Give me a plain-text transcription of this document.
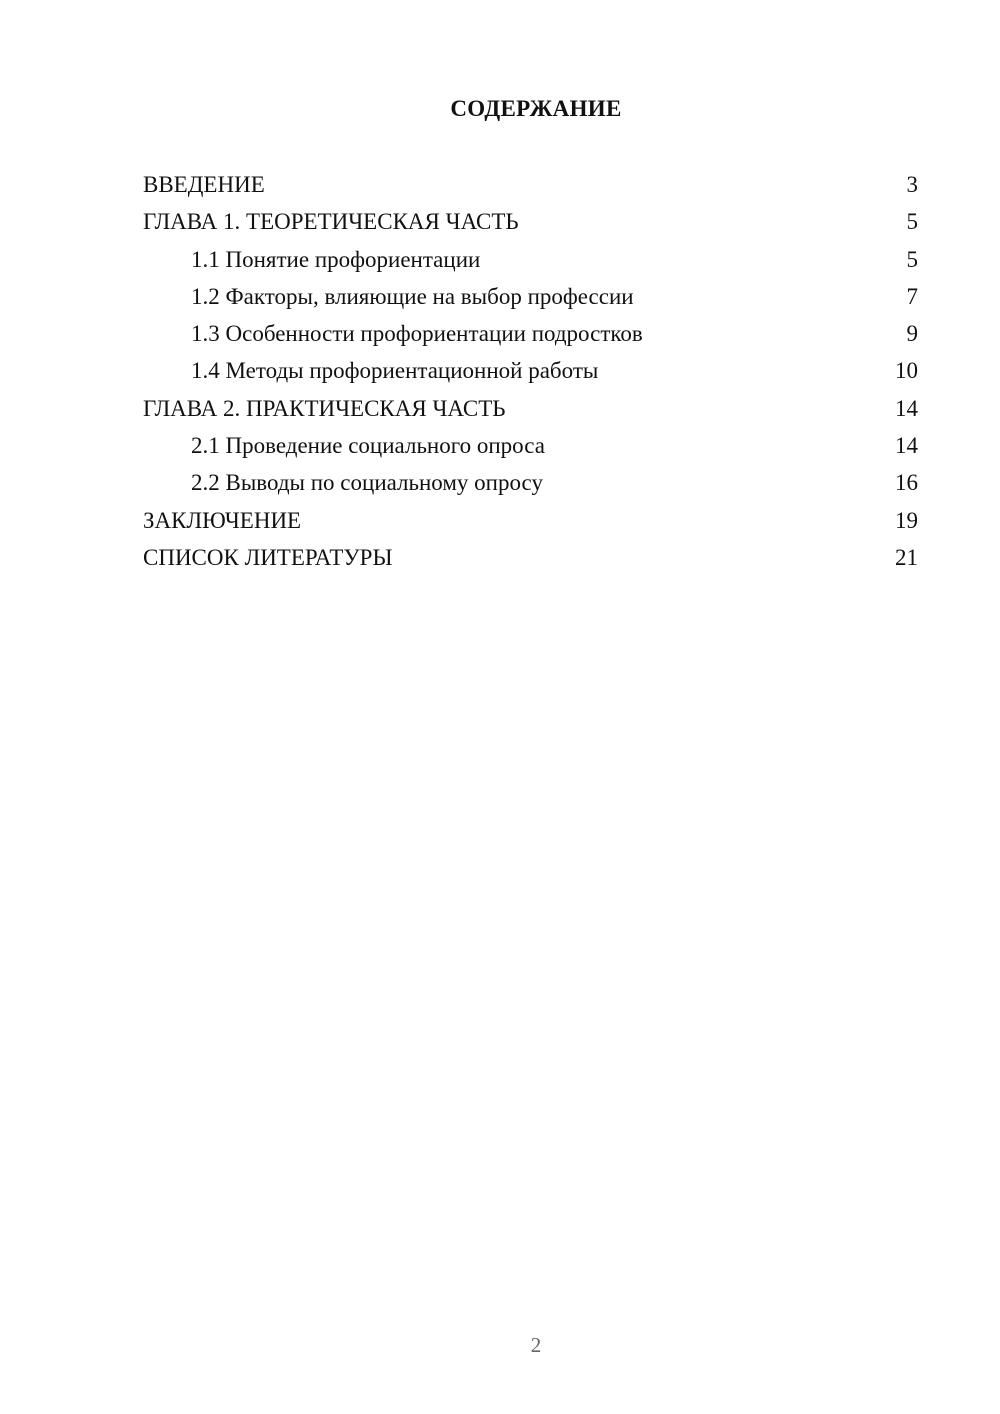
СОДЕРЖАНИЕ
ВВЕДЕНИЕ	3
ГЛАВА 1. ТЕОРЕТИЧЕСКАЯ ЧАСТЬ	5
1.1 Понятие профориентации	5
1.2 Факторы, влияющие на выбор профессии	7
1.3 Особенности профориентации подростков	9
1.4 Методы профориентационной работы	10
ГЛАВА 2. ПРАКТИЧЕСКАЯ ЧАСТЬ	14
2.1 Проведение социального опроса	14
2.2 Выводы по социальному опросу	16
ЗАКЛЮЧЕНИЕ	19
СПИСОК ЛИТЕРАТУРЫ	21
2
